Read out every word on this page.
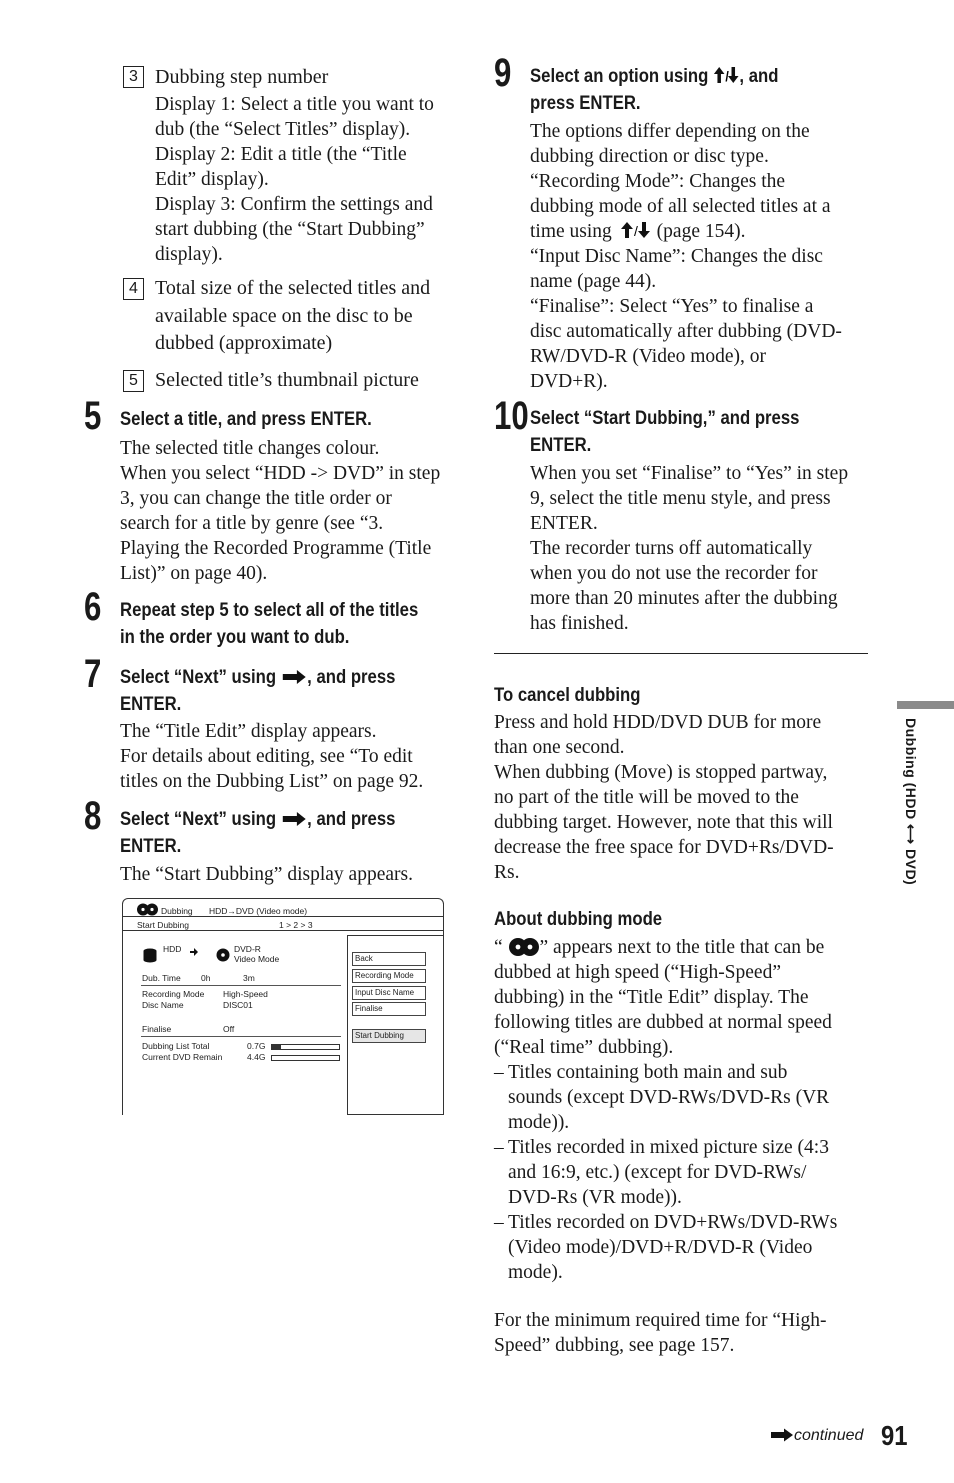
3 Dubbing step number
Display 1: Select a title you want to
dub (the “Select Titles” display).
Display 2: Edit a title (the “Title
Edit” display).
Display 3: Confirm the settings and
start dubbing (the “Start Dubbing”
display).
4 Total size of the selected titles and
available space on the disc to be
dubbed (approximate)
5 Selected title’s thumbnail picture
5 Select a title, and press ENTER.
The selected title changes colour.
When you select “HDD -> DVD” in step
3, you can change the title order or
search for a title by genre (see “3.
Playing the Recorded Programme (Title
List)” on page 40).
6 Repeat step 5 to select all of the titles
in the order you want to dub.
7 Select “Next” using , and press
ENTER.
The “Title Edit” display appears.
For details about editing, see “To edit
titles on the Dubbing List” on page 92.
8 Select “Next” using , and press
ENTER.
The “Start Dubbing” display appears.
Dubbing HDD→DVD (Video mode)
Start Dubbing	1 > 2 > 3
HDD	DVD-R
Video Mode
Dub. Time 0h	3m
Recording Mode High-Speed
Disc Name	DISC01
Finalise	Off
Dubbing List Total	0.7G
Current DVD Remain	4.4G
Back
Recording Mode
Input Disc Name
Finalise
Start Dubbing
9 Select an option using / , and
press ENTER.
The options differ depending on the
dubbing direction or disc type.
“Recording Mode”: Changes the
dubbing mode of all selected titles at a
time using / (page 154).
“Input Disc Name”: Changes the disc
name (page 44).
“Finalise”: Select “Yes” to finalise a
disc automatically after dubbing (DVD-
RW/DVD-R (Video mode), or
DVD+R).
10 Select “Start Dubbing,” and press
ENTER.
When you set “Finalise” to “Yes” in step
9, select the title menu style, and press
ENTER.
The recorder turns off automatically
when you do not use the recorder for
more than 20 minutes after the dubbing
has finished.
To cancel dubbing
Press and hold HDD/DVD DUB for more
than one second.
When dubbing (Move) is stopped partway,
no part of the title will be moved to the
dubbing target. However, note that this will
decrease the free space for DVD+Rs/DVD-
Rs.
About dubbing mode
“ ” appears next to the title that can be
dubbed at high speed (“High-Speed”
dubbing) in the “Title Edit” display. The
following titles are dubbed at normal speed
(“Real time” dubbing).
– Titles containing both main and sub
sounds (except DVD-RWs/DVD-Rs (VR
mode)).
– Titles recorded in mixed picture size (4:3
and 16:9, etc.) (except for DVD-RWs/
DVD-Rs (VR mode)).
– Titles recorded on DVD+RWs/DVD-RWs
(Video mode)/DVD+R/DVD-R (Video
mode).
For the minimum required time for “High-
Speed” dubbing, see page 157.
Dubbing (HDD ⟷ DVD)
continued 91
